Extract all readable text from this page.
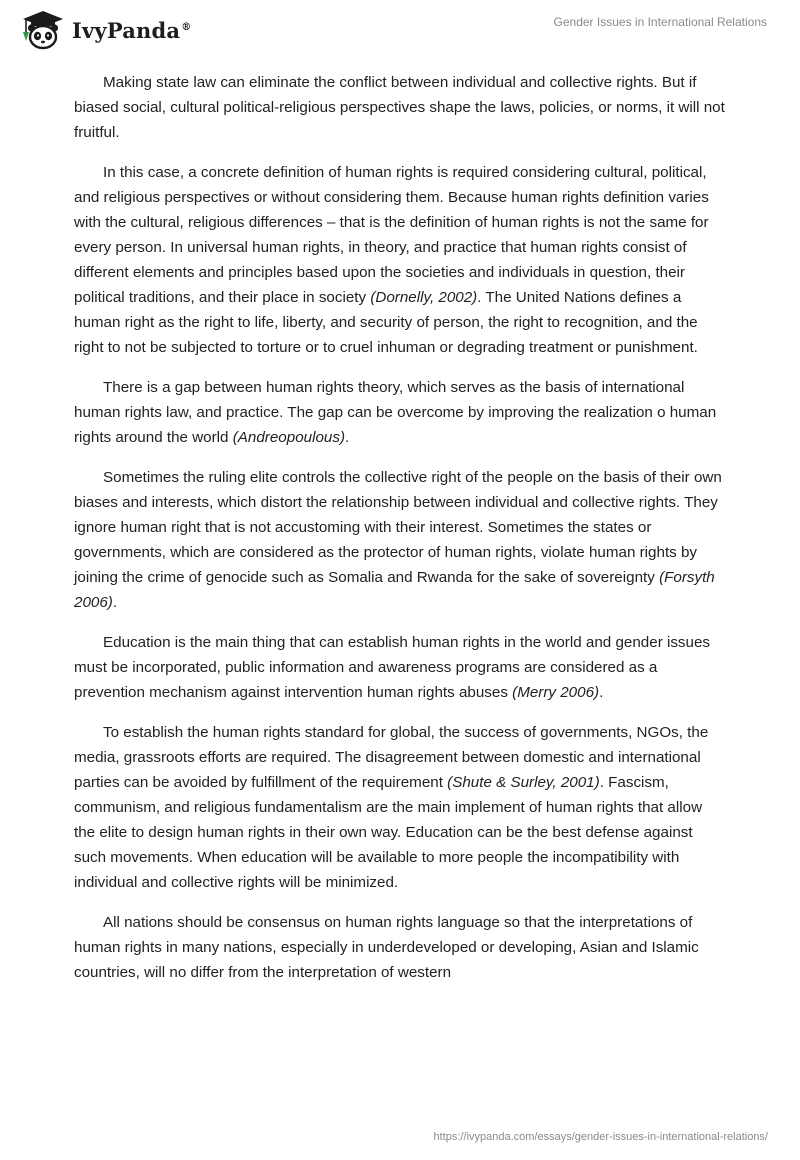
IvyPanda®	Gender Issues in International Relations

Making state law can eliminate the conflict between individual and collective rights. But if biased social, cultural political-religious perspectives shape the laws, policies, or norms, it will not fruitful.

In this case, a concrete definition of human rights is required considering cultural, political, and religious perspectives or without considering them. Because human rights definition varies with the cultural, religious differences – that is the definition of human rights is not the same for every person. In universal human rights, in theory, and practice that human rights consist of different elements and principles based upon the societies and individuals in question, their political traditions, and their place in society (Dornelly, 2002). The United Nations defines a human right as the right to life, liberty, and security of person, the right to recognition, and the right to not be subjected to torture or to cruel inhuman or degrading treatment or punishment.

There is a gap between human rights theory, which serves as the basis of international human rights law, and practice. The gap can be overcome by improving the realization o human rights around the world (Andreopoulous).

Sometimes the ruling elite controls the collective right of the people on the basis of their own biases and interests, which distort the relationship between individual and collective rights. They ignore human right that is not accustoming with their interest. Sometimes the states or governments, which are considered as the protector of human rights, violate human rights by joining the crime of genocide such as Somalia and Rwanda for the sake of sovereignty (Forsyth 2006).

Education is the main thing that can establish human rights in the world and gender issues must be incorporated, public information and awareness programs are considered as a prevention mechanism against intervention human rights abuses (Merry 2006).

To establish the human rights standard for global, the success of governments, NGOs, the media, grassroots efforts are required. The disagreement between domestic and international parties can be avoided by fulfillment of the requirement (Shute & Surley, 2001). Fascism, communism, and religious fundamentalism are the main implement of human rights that allow the elite to design human rights in their own way. Education can be the best defense against such movements. When education will be available to more people the incompatibility with individual and collective rights will be minimized.

All nations should be consensus on human rights language so that the interpretations of human rights in many nations, especially in underdeveloped or developing, Asian and Islamic countries, will no differ from the interpretation of western

https://ivypanda.com/essays/gender-issues-in-international-relations/
